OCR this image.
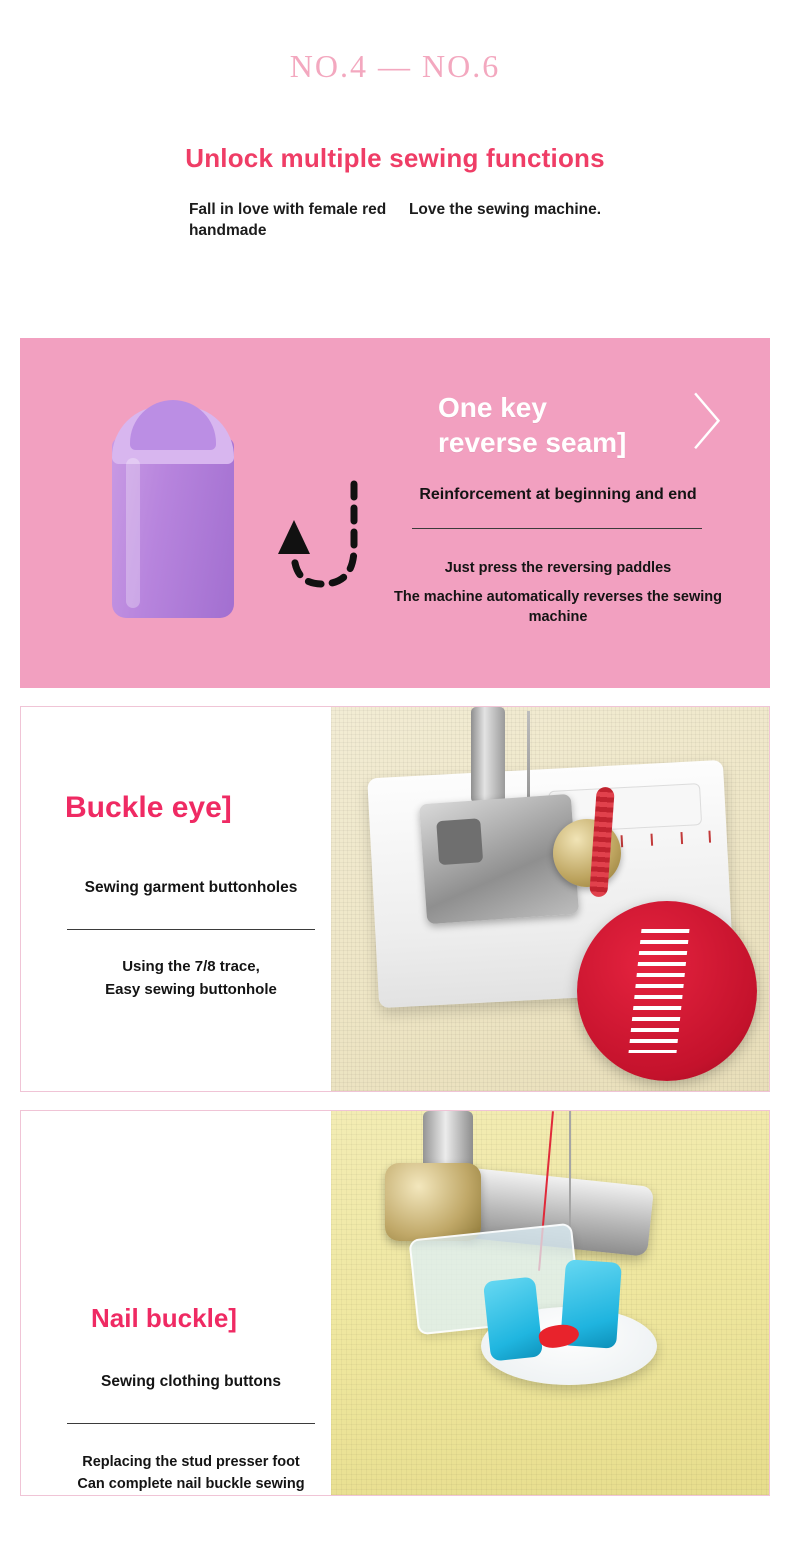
NO.4 — NO.6
Unlock multiple sewing functions
Fall in love with female red handmade
Love the sewing machine.
One key
reverse seam] 〉
Reinforcement at beginning and end
Just press the reversing paddles
The machine automatically reverses the sewing machine
Buckle eye]
Sewing garment buttonholes
Using the 7/8 trace,
Easy sewing buttonhole
Nail buckle]
Sewing clothing buttons
Replacing the stud presser foot
Can complete nail buckle sewing
